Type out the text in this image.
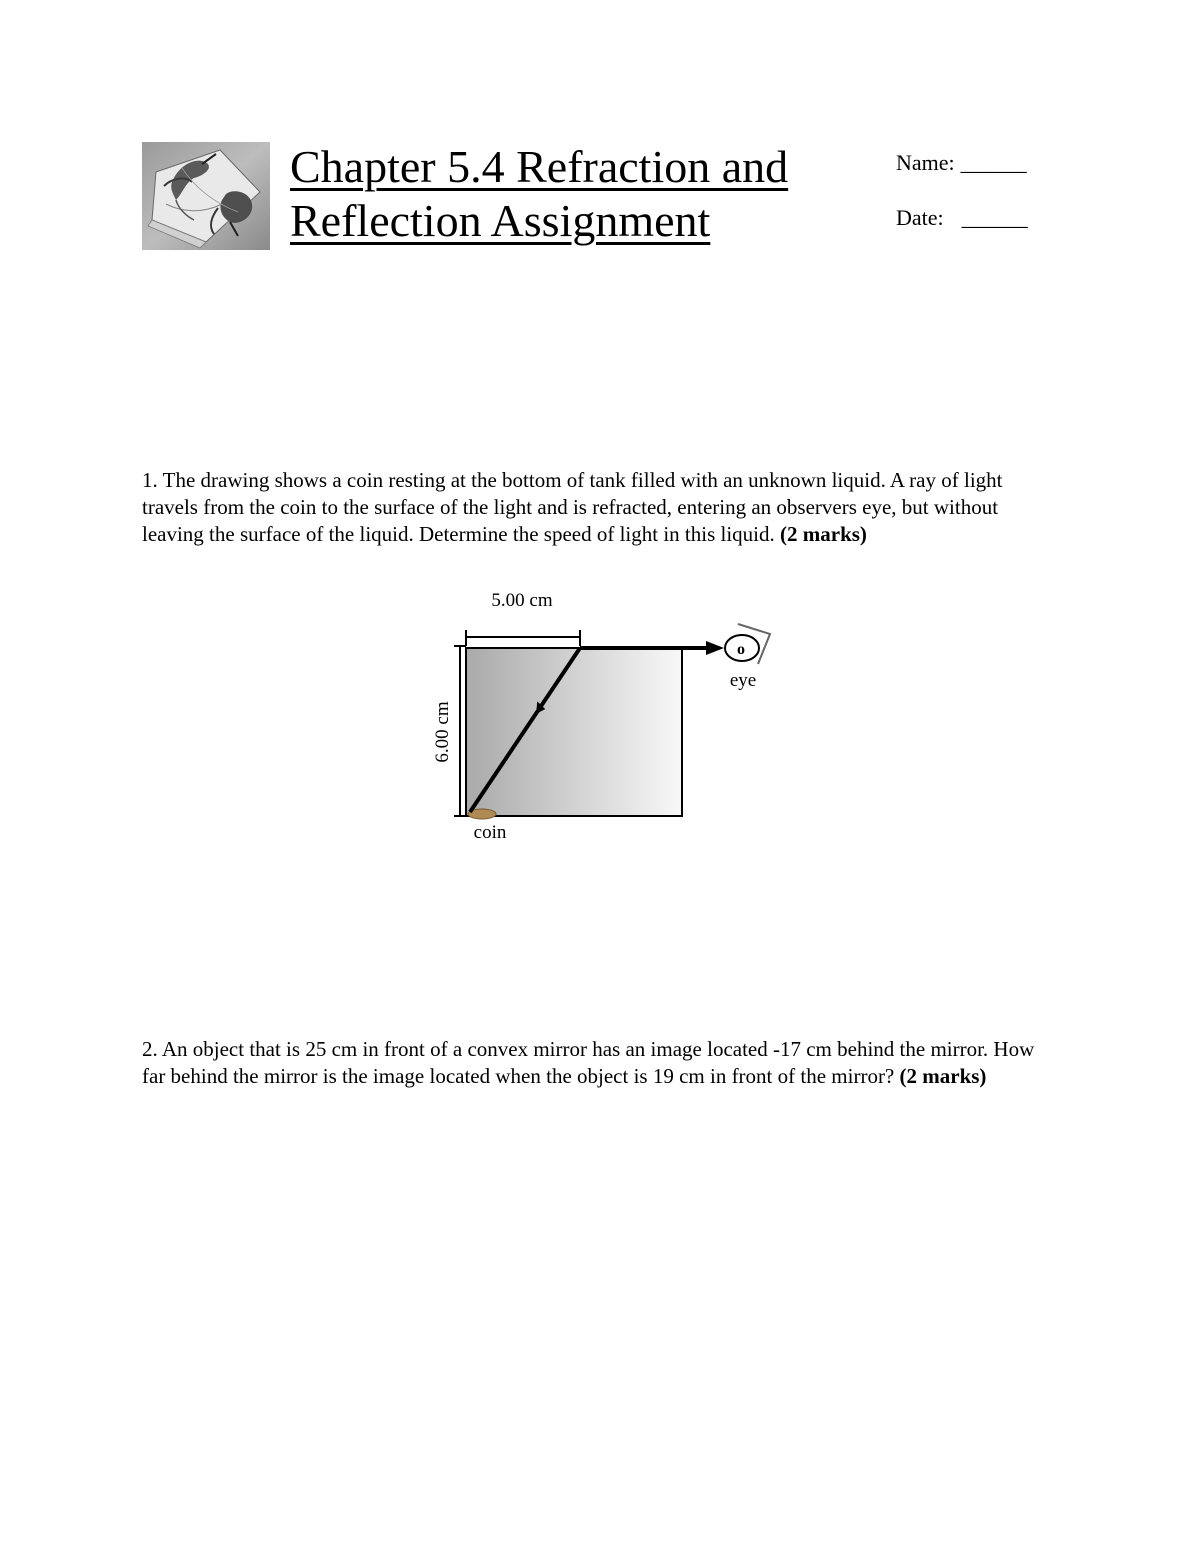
Chapter 5.4 Refraction and
Reflection Assignment
Name: ______
Date: ______

1. The drawing shows a coin resting at the bottom of tank filled with an unknown liquid. A ray of light travels from the coin to the surface of the light and is refracted, entering an observers eye, but without leaving the surface of the liquid. Determine the speed of light in this liquid. (2 marks)

5.00 cm
6.00 cm
o
eye
coin

2. An object that is 25 cm in front of a convex mirror has an image located -17 cm behind the mirror. How far behind the mirror is the image located when the object is 19 cm in front of the mirror? (2 marks)
